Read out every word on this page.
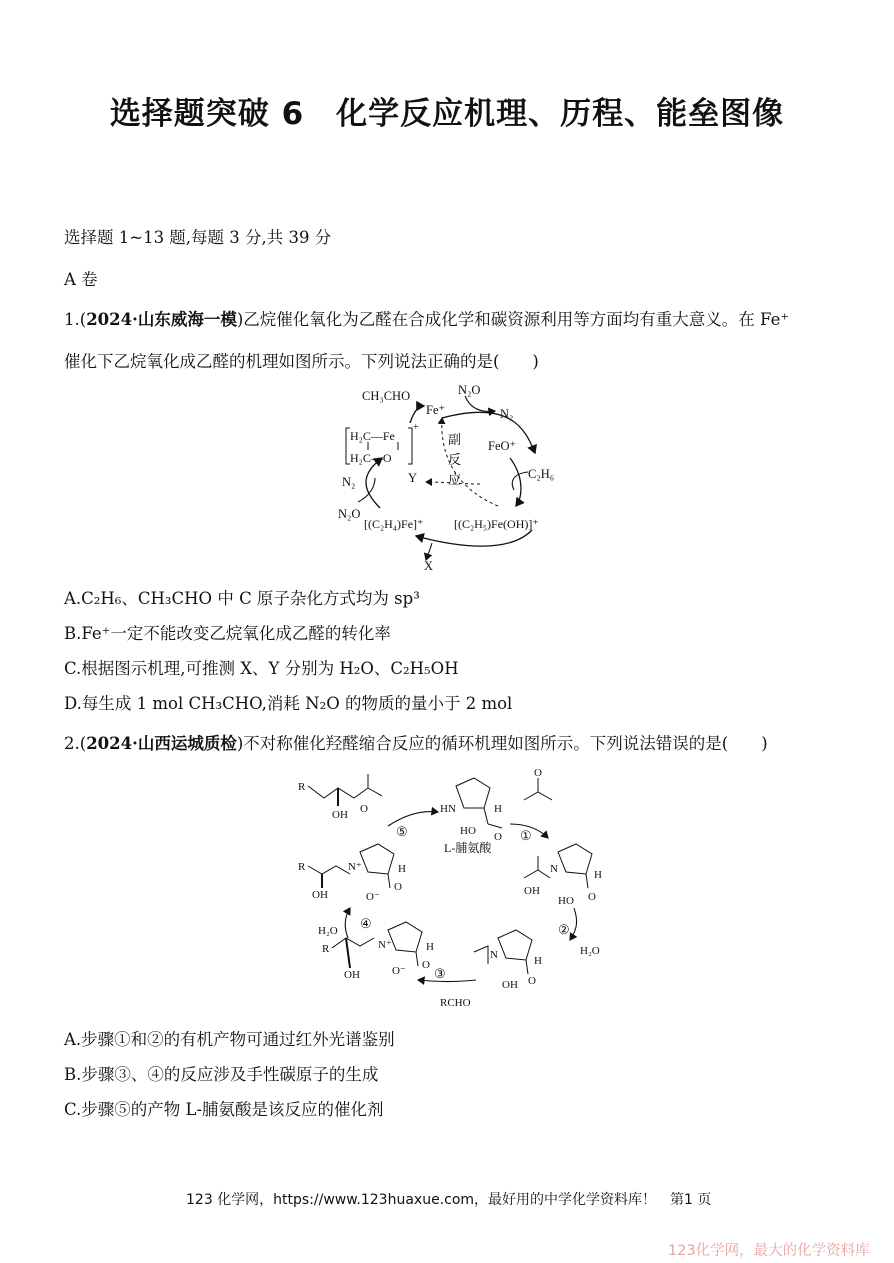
选择题突破 6　化学反应机理、历程、能垒图像
选择题 1~13 题,每题 3 分,共 39 分
A 卷
1.(2024·山东威海一模)乙烷催化氧化为乙醛在合成化学和碳资源利用等方面均有重大意义。在 Fe⁺
催化下乙烷氧化成乙醛的机理如图所示。下列说法正确的是(　　)
CH₃CHO
Fe⁺
N₂O
N₂
FeO⁺
C₂H₆
H₂C—Fe
H₂C—O
+
副
反
应
Y
N₂
N₂O
[(C₂H₄)Fe]⁺	[(C₂H₅)Fe(OH)]⁺
X
A.C₂H₆、CH₃CHO 中 C 原子杂化方式均为 sp³
B.Fe⁺一定不能改变乙烷氧化成乙醛的转化率
C.根据图示机理,可推测 X、Y 分别为 H₂O、C₂H₅OH
D.每生成 1 mol CH₃CHO,消耗 N₂O 的物质的量小于 2 mol
2.(2024·山西运城质检)不对称催化羟醛缩合反应的循环机理如图所示。下列说法错误的是(　　)
R
OH O	HN	H
HO O
L-脯氨酸
O
①
②
H₂O
③
RCHO
④
H₂O
⑤
R
OH
N⁺	H
O⁻
O
N	H
OH
HO O
N	H
OH O
R
OH
N⁺	H
O⁻ O
A.步骤①和②的有机产物可通过红外光谱鉴别
B.步骤③、④的反应涉及手性碳原子的生成
C.步骤⑤的产物 L-脯氨酸是该反应的催化剂
123 化学网，https://www.123huaxue.com，最好用的中学化学资料库！　第1 页
123化学网，最大的化学资料库
